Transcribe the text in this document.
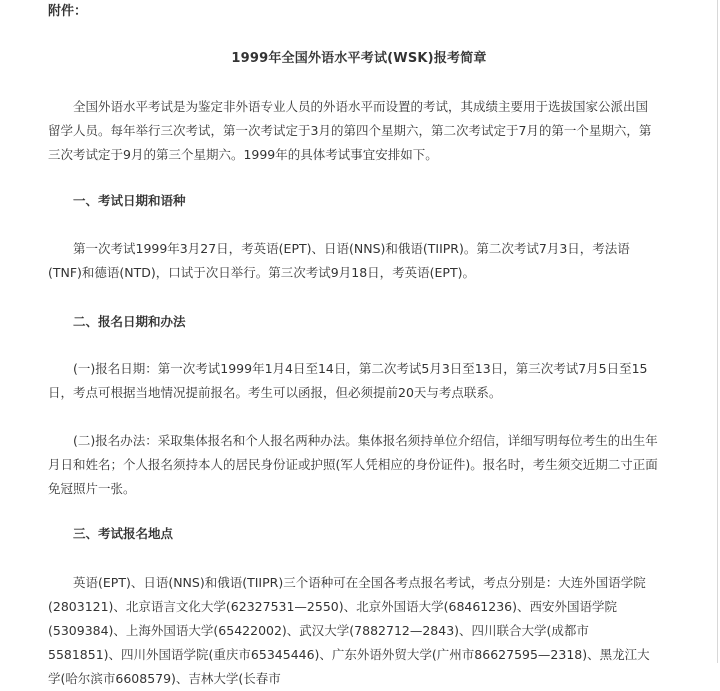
附件：
1999年全国外语水平考试(WSK)报考简章

全国外语水平考试是为鉴定非外语专业人员的外语水平而设置的考试，其成绩主要用于选拔国家公派出国留学人员。每年举行三次考试，第一次考试定于3月的第四个星期六，第二次考试定于7月的第一个星期六，第三次考试定于9月的第三个星期六。1999年的具体考试事宜安排如下。

一、考试日期和语种

第一次考试1999年3月27日，考英语(EPT)、日语(NNS)和俄语(TIIPR)。第二次考试7月3日，考法语(TNF)和德语(NTD)，口试于次日举行。第三次考试9月18日，考英语(EPT)。

二、报名日期和办法

(一)报名日期：第一次考试1999年1月4日至14日，第二次考试5月3日至13日，第三次考试7月5日至15日，考点可根据当地情况提前报名。考生可以函报，但必须提前20天与考点联系。

(二)报名办法：采取集体报名和个人报名两种办法。集体报名须持单位介绍信，详细写明每位考生的出生年月日和姓名；个人报名须持本人的居民身份证或护照(军人凭相应的身份证件)。报名时，考生须交近期二寸正面免冠照片一张。

三、考试报名地点

英语(EPT)、日语(NNS)和俄语(TIIPR)三个语种可在全国各考点报名考试，考点分别是：大连外国语学院(2803121)、北京语言文化大学(62327531—2550)、北京外国语大学(68461236)、西安外国语学院(5309384)、上海外国语大学(65422002)、武汉大学(7882712—2843)、四川联合大学(成都市5581851)、四川外国语学院(重庆市65345446)、广东外语外贸大学(广州市86627595—2318)、黑龙江大学(哈尔滨市6608579)、吉林大学(长春市
